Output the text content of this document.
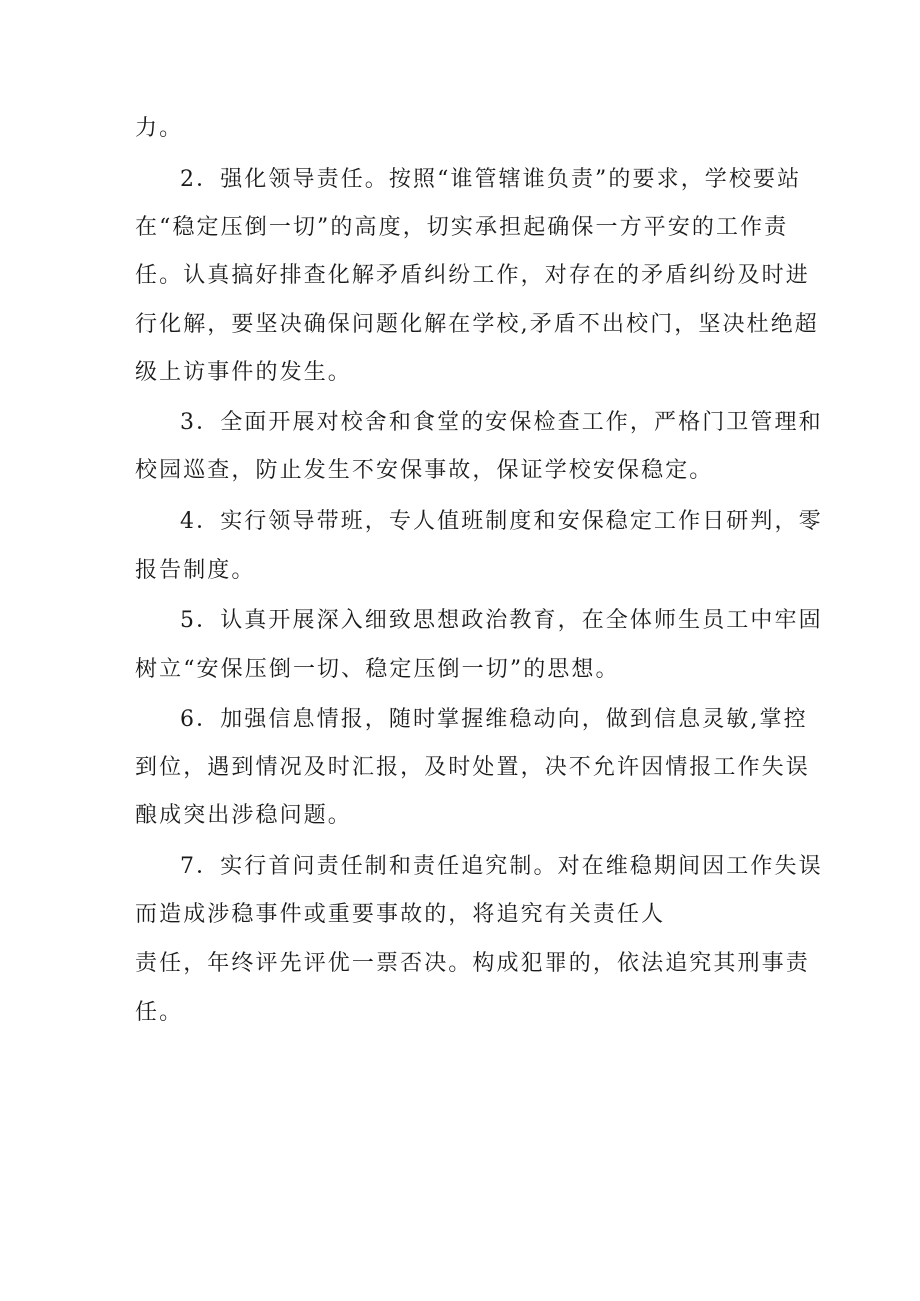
力。
2．强化领导责任。按照“谁管辖谁负责”的要求，学校要站
在“稳定压倒一切”的高度，切实承担起确保一方平安的工作责
任。认真搞好排查化解矛盾纠纷工作，对存在的矛盾纠纷及时进
行化解，要坚决确保问题化解在学校,矛盾不出校门，坚决杜绝超
级上访事件的发生。
3．全面开展对校舍和食堂的安保检查工作，严格门卫管理和
校园巡查，防止发生不安保事故，保证学校安保稳定。
4．实行领导带班，专人值班制度和安保稳定工作日研判，零
报告制度。
5．认真开展深入细致思想政治教育，在全体师生员工中牢固
树立“安保压倒一切、稳定压倒一切”的思想。
6．加强信息情报，随时掌握维稳动向，做到信息灵敏,掌控
到位，遇到情况及时汇报，及时处置，决不允许因情报工作失误
酿成突出涉稳问题。
7．实行首问责任制和责任追究制。对在维稳期间因工作失误
而造成涉稳事件或重要事故的，将追究有关责任人
责任，年终评先评优一票否决。构成犯罪的，依法追究其刑事责
任。
